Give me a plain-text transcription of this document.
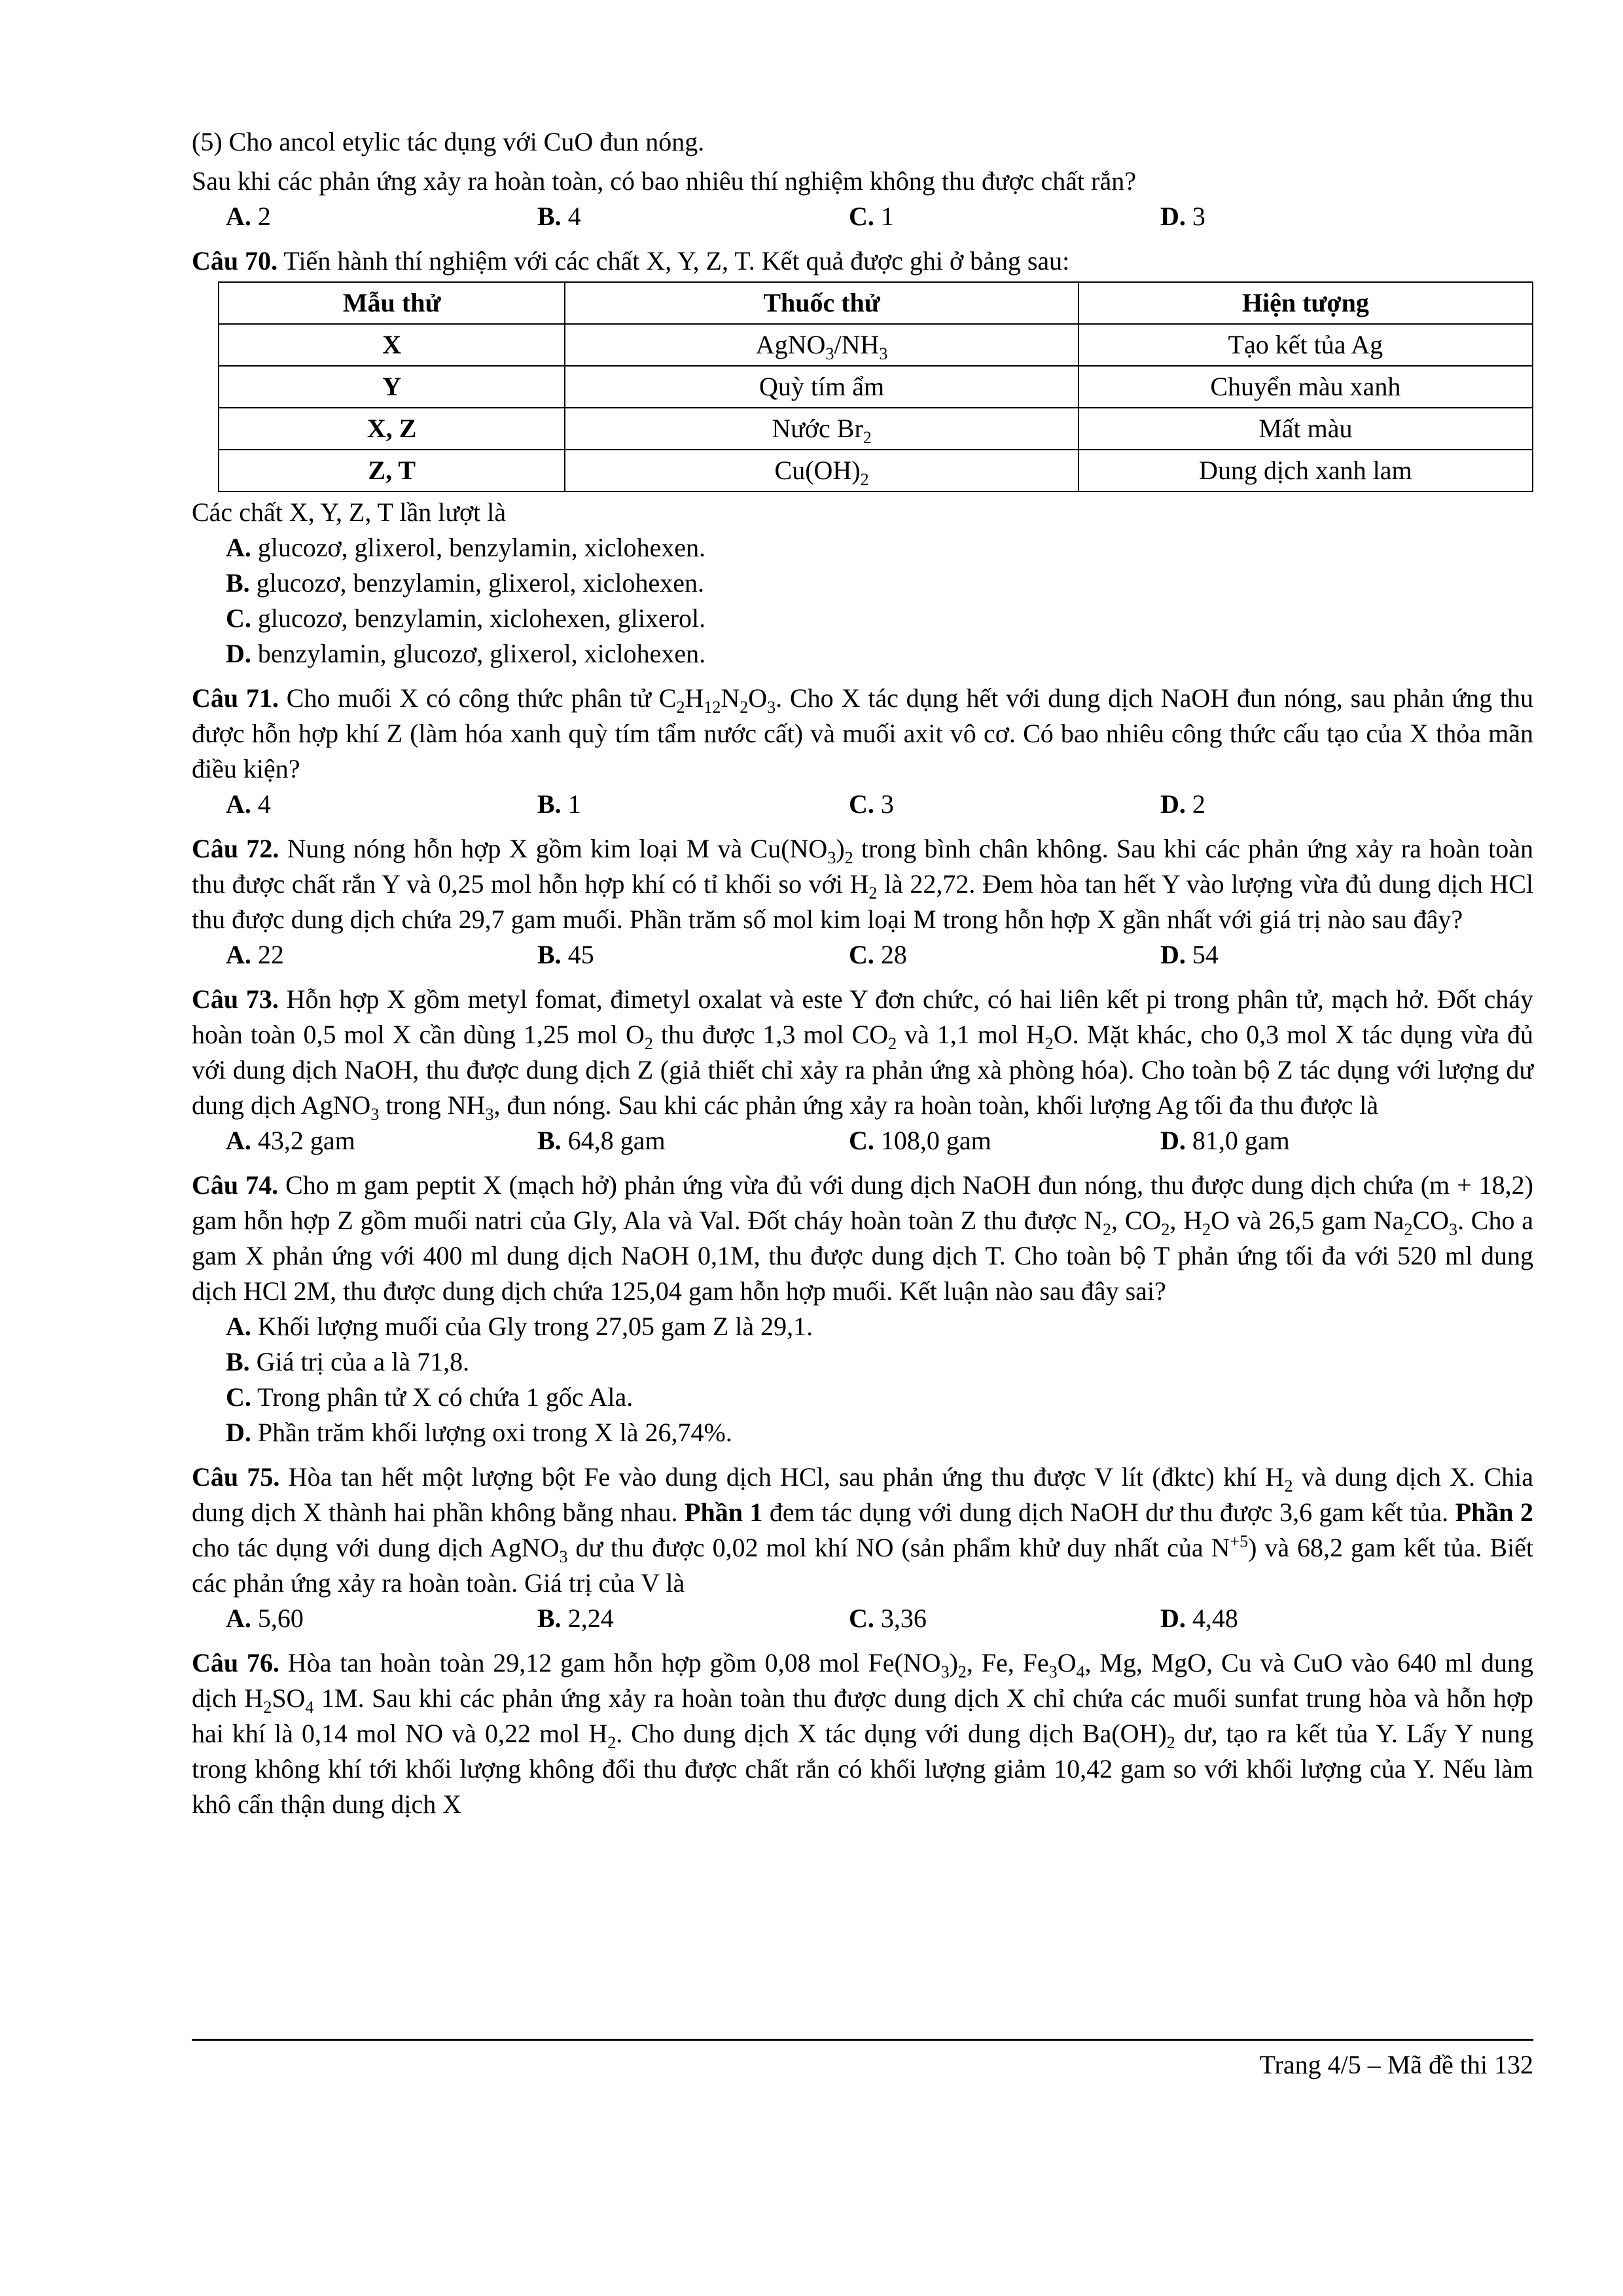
(5) Cho ancol etylic tác dụng với CuO đun nóng.

Sau khi các phản ứng xảy ra hoàn toàn, có bao nhiêu thí nghiệm không thu được chất rắn?

A. 2	B. 4	C. 1	D. 3

Câu 70. Tiến hành thí nghiệm với các chất X, Y, Z, T. Kết quả được ghi ở bảng sau:

Mẫu thử	Thuốc thử	Hiện tượng
X	$AgNO_3/NH_3$	Tạo kết tủa Ag
Y	Quỳ tím ẩm	Chuyển màu xanh
X, Z	Nước $Br_2$	Mất màu
Z, T	$Cu(OH)_2$	Dung dịch xanh lam

Các chất X, Y, Z, T lần lượt là

A. glucozơ, glixerol, benzylamin, xiclohexen.
B. glucozơ, benzylamin, glixerol, xiclohexen.
C. glucozơ, benzylamin, xiclohexen, glixerol.
D. benzylamin, glucozơ, glixerol, xiclohexen.

Câu 71. Cho muối X có công thức phân tử $C_2H_{12}N_2O_3$. Cho X tác dụng hết với dung dịch NaOH đun nóng, sau phản ứng thu được hỗn hợp khí Z (làm hóa xanh quỳ tím tẩm nước cất) và muối axit vô cơ. Có bao nhiêu công thức cấu tạo của X thỏa mãn điều kiện?

A. 4	B. 1	C. 3	D. 2

Câu 72. Nung nóng hỗn hợp X gồm kim loại M và $Cu(NO_3)_2$ trong bình chân không. Sau khi các phản ứng xảy ra hoàn toàn thu được chất rắn Y và 0,25 mol hỗn hợp khí có tỉ khối so với $H_2$ là 22,72. Đem hòa tan hết Y vào lượng vừa đủ dung dịch HCl thu được dung dịch chứa 29,7 gam muối. Phần trăm số mol kim loại M trong hỗn hợp X gần nhất với giá trị nào sau đây?

A. 22	B. 45	C. 28	D. 54

Câu 73. Hỗn hợp X gồm metyl fomat, đimetyl oxalat và este Y đơn chức, có hai liên kết pi trong phân tử, mạch hở. Đốt cháy hoàn toàn 0,5 mol X cần dùng 1,25 mol $O_2$ thu được 1,3 mol $CO_2$ và 1,1 mol $H_2O$. Mặt khác, cho 0,3 mol X tác dụng vừa đủ với dung dịch NaOH, thu được dung dịch Z (giả thiết chỉ xảy ra phản ứng xà phòng hóa). Cho toàn bộ Z tác dụng với lượng dư dung dịch AgNO$_3$ trong $NH_3$, đun nóng. Sau khi các phản ứng xảy ra hoàn toàn, khối lượng Ag tối đa thu được là

A. 43,2 gam	B. 64,8 gam	C. 108,0 gam	D. 81,0 gam

Câu 74. Cho m gam peptit X (mạch hở) phản ứng vừa đủ với dung dịch NaOH đun nóng, thu được dung dịch chứa (m + 18,2) gam hỗn hợp Z gồm muối natri của Gly, Ala và Val. Đốt cháy hoàn toàn Z thu được $N_2$, $CO_2$, $H_2O$ và 26,5 gam $Na_2CO_3$. Cho a gam X phản ứng với 400 ml dung dịch NaOH 0,1M, thu được dung dịch T. Cho toàn bộ T phản ứng tối đa với 520 ml dung dịch HCl 2M, thu được dung dịch chứa 125,04 gam hỗn hợp muối. Kết luận nào sau đây sai?

A. Khối lượng muối của Gly trong 27,05 gam Z là 29,1.
B. Giá trị của a là 71,8.
C. Trong phân tử X có chứa 1 gốc Ala.
D. Phần trăm khối lượng oxi trong X là 26,74%.

Câu 75. Hòa tan hết một lượng bột Fe vào dung dịch HCl, sau phản ứng thu được V lít (đktc) khí $H_2$ và dung dịch X. Chia dung dịch X thành hai phần không bằng nhau. Phần 1 đem tác dụng với dung dịch NaOH dư thu được 3,6 gam kết tủa. Phần 2 cho tác dụng với dung dịch AgNO$_3$ dư thu được 0,02 mol khí NO (sản phẩm khử duy nhất của $N^{+5}$) và 68,2 gam kết tủa. Biết các phản ứng xảy ra hoàn toàn. Giá trị của V là

A. 5,60	B. 2,24	C. 3,36	D. 4,48

Câu 76. Hòa tan hoàn toàn 29,12 gam hỗn hợp gồm 0,08 mol $Fe(NO_3)_2$, Fe, $Fe_3O_4$, Mg, MgO, Cu và CuO vào 640 ml dung dịch $H_2SO_4$ 1M. Sau khi các phản ứng xảy ra hoàn toàn thu được dung dịch X chỉ chứa các muối sunfat trung hòa và hỗn hợp hai khí là 0,14 mol NO và 0,22 mol $H_2$. Cho dung dịch X tác dụng với dung dịch $Ba(OH)_2$ dư, tạo ra kết tủa Y. Lấy Y nung trong không khí tới khối lượng không đổi thu được chất rắn có khối lượng giảm 10,42 gam so với khối lượng của Y. Nếu làm khô cẩn thận dung dịch X

Trang 4/5 – Mã đề thi 132
